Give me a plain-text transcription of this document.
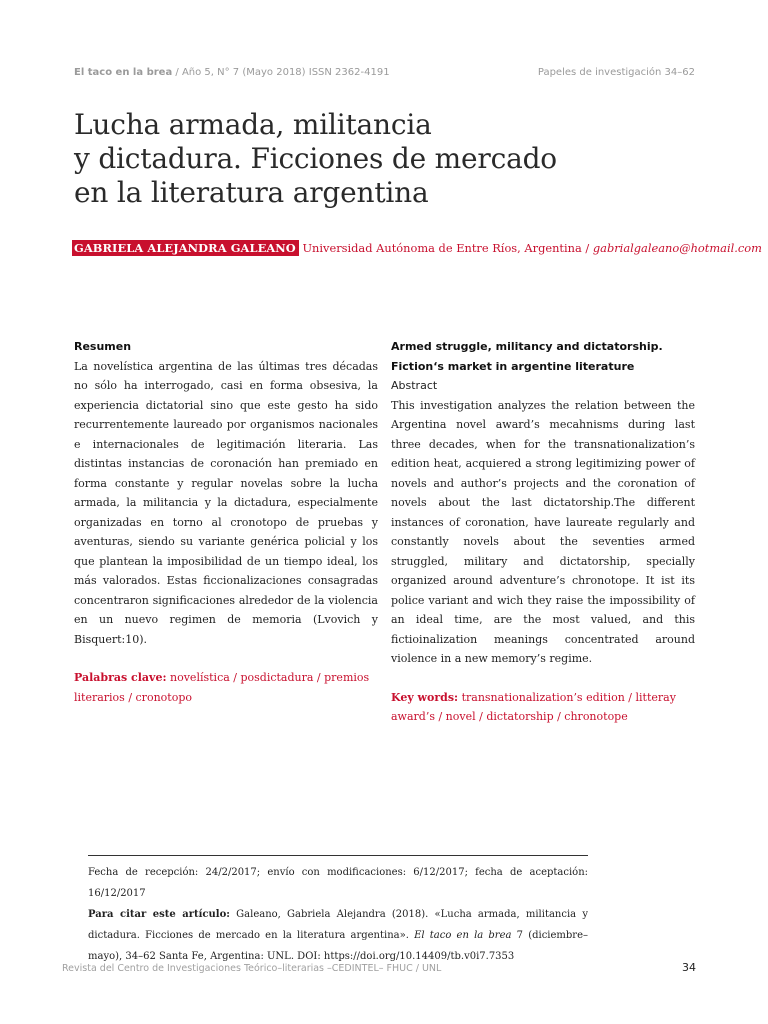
El taco en la brea / Año 5, N° 7 (Mayo 2018) ISSN 2362-4191	Papeles de investigación 34–62
Lucha armada, militancia
y dictadura. Ficciones de mercado
en la literatura argentina
GABRIELA ALEJANDRA GALEANO Universidad Autónoma de Entre Ríos, Argentina / gabrialgaleano@hotmail.com
Resumen
La novelística argentina de las últimas tres décadas no sólo ha interrogado, casi en forma obsesiva, la experiencia dictatorial sino que este gesto ha sido recurrentemente laureado por organismos nacionales e internacionales de legitimación literaria. Las distintas instancias de coronación han premiado en forma constante y regular novelas sobre la lucha armada, la militancia y la dictadura, especialmente organizadas en torno al cronotopo de pruebas y aventuras, siendo su variante genérica policial y los que plantean la imposibilidad de un tiempo ideal, los más valorados. Estas ficcionalizaciones consagradas concentraron significaciones alrededor de la violencia en un nuevo regimen de memoria (Lvovich y Bisquert:10).
Palabras clave: novelística / posdictadura / premios literarios / cronotopo
Armed struggle, militancy and dictatorship.
Fiction‘s market in argentine literature
Abstract
This investigation analyzes the relation between the Argentina novel award’s mecahnisms during last three decades, when for the transnationalization’s edition heat, acquiered a strong legitimizing power of novels and author’s projects and the coronation of novels about the last dictatorship.The different instances of coronation, have laureate regularly and constantly novels about the seventies armed struggled, military and dictatorship, specially organized around adventure’s chronotope. It ist its police variant and wich they raise the impossibility of an ideal time, are the most valued, and this fictioinalization meanings concentrated around violence in a new memory’s regime.
Key words: transnationalization’s edition / litteray award’s / novel / dictatorship / chronotope
Fecha de recepción: 24/2/2017; envío con modificaciones: 6/12/2017; fecha de aceptación: 16/12/2017
Para citar este artículo: Galeano, Gabriela Alejandra (2018). «Lucha armada, militancia y dictadura. Ficciones de mercado en la literatura argentina». El taco en la brea 7 (diciembre–mayo), 34–62 Santa Fe, Argentina: UNL. DOI: https://doi.org/10.14409/tb.v0i7.7353
Revista del Centro de Investigaciones Teórico–literarias –CEDINTEL– FHUC / UNL	34
